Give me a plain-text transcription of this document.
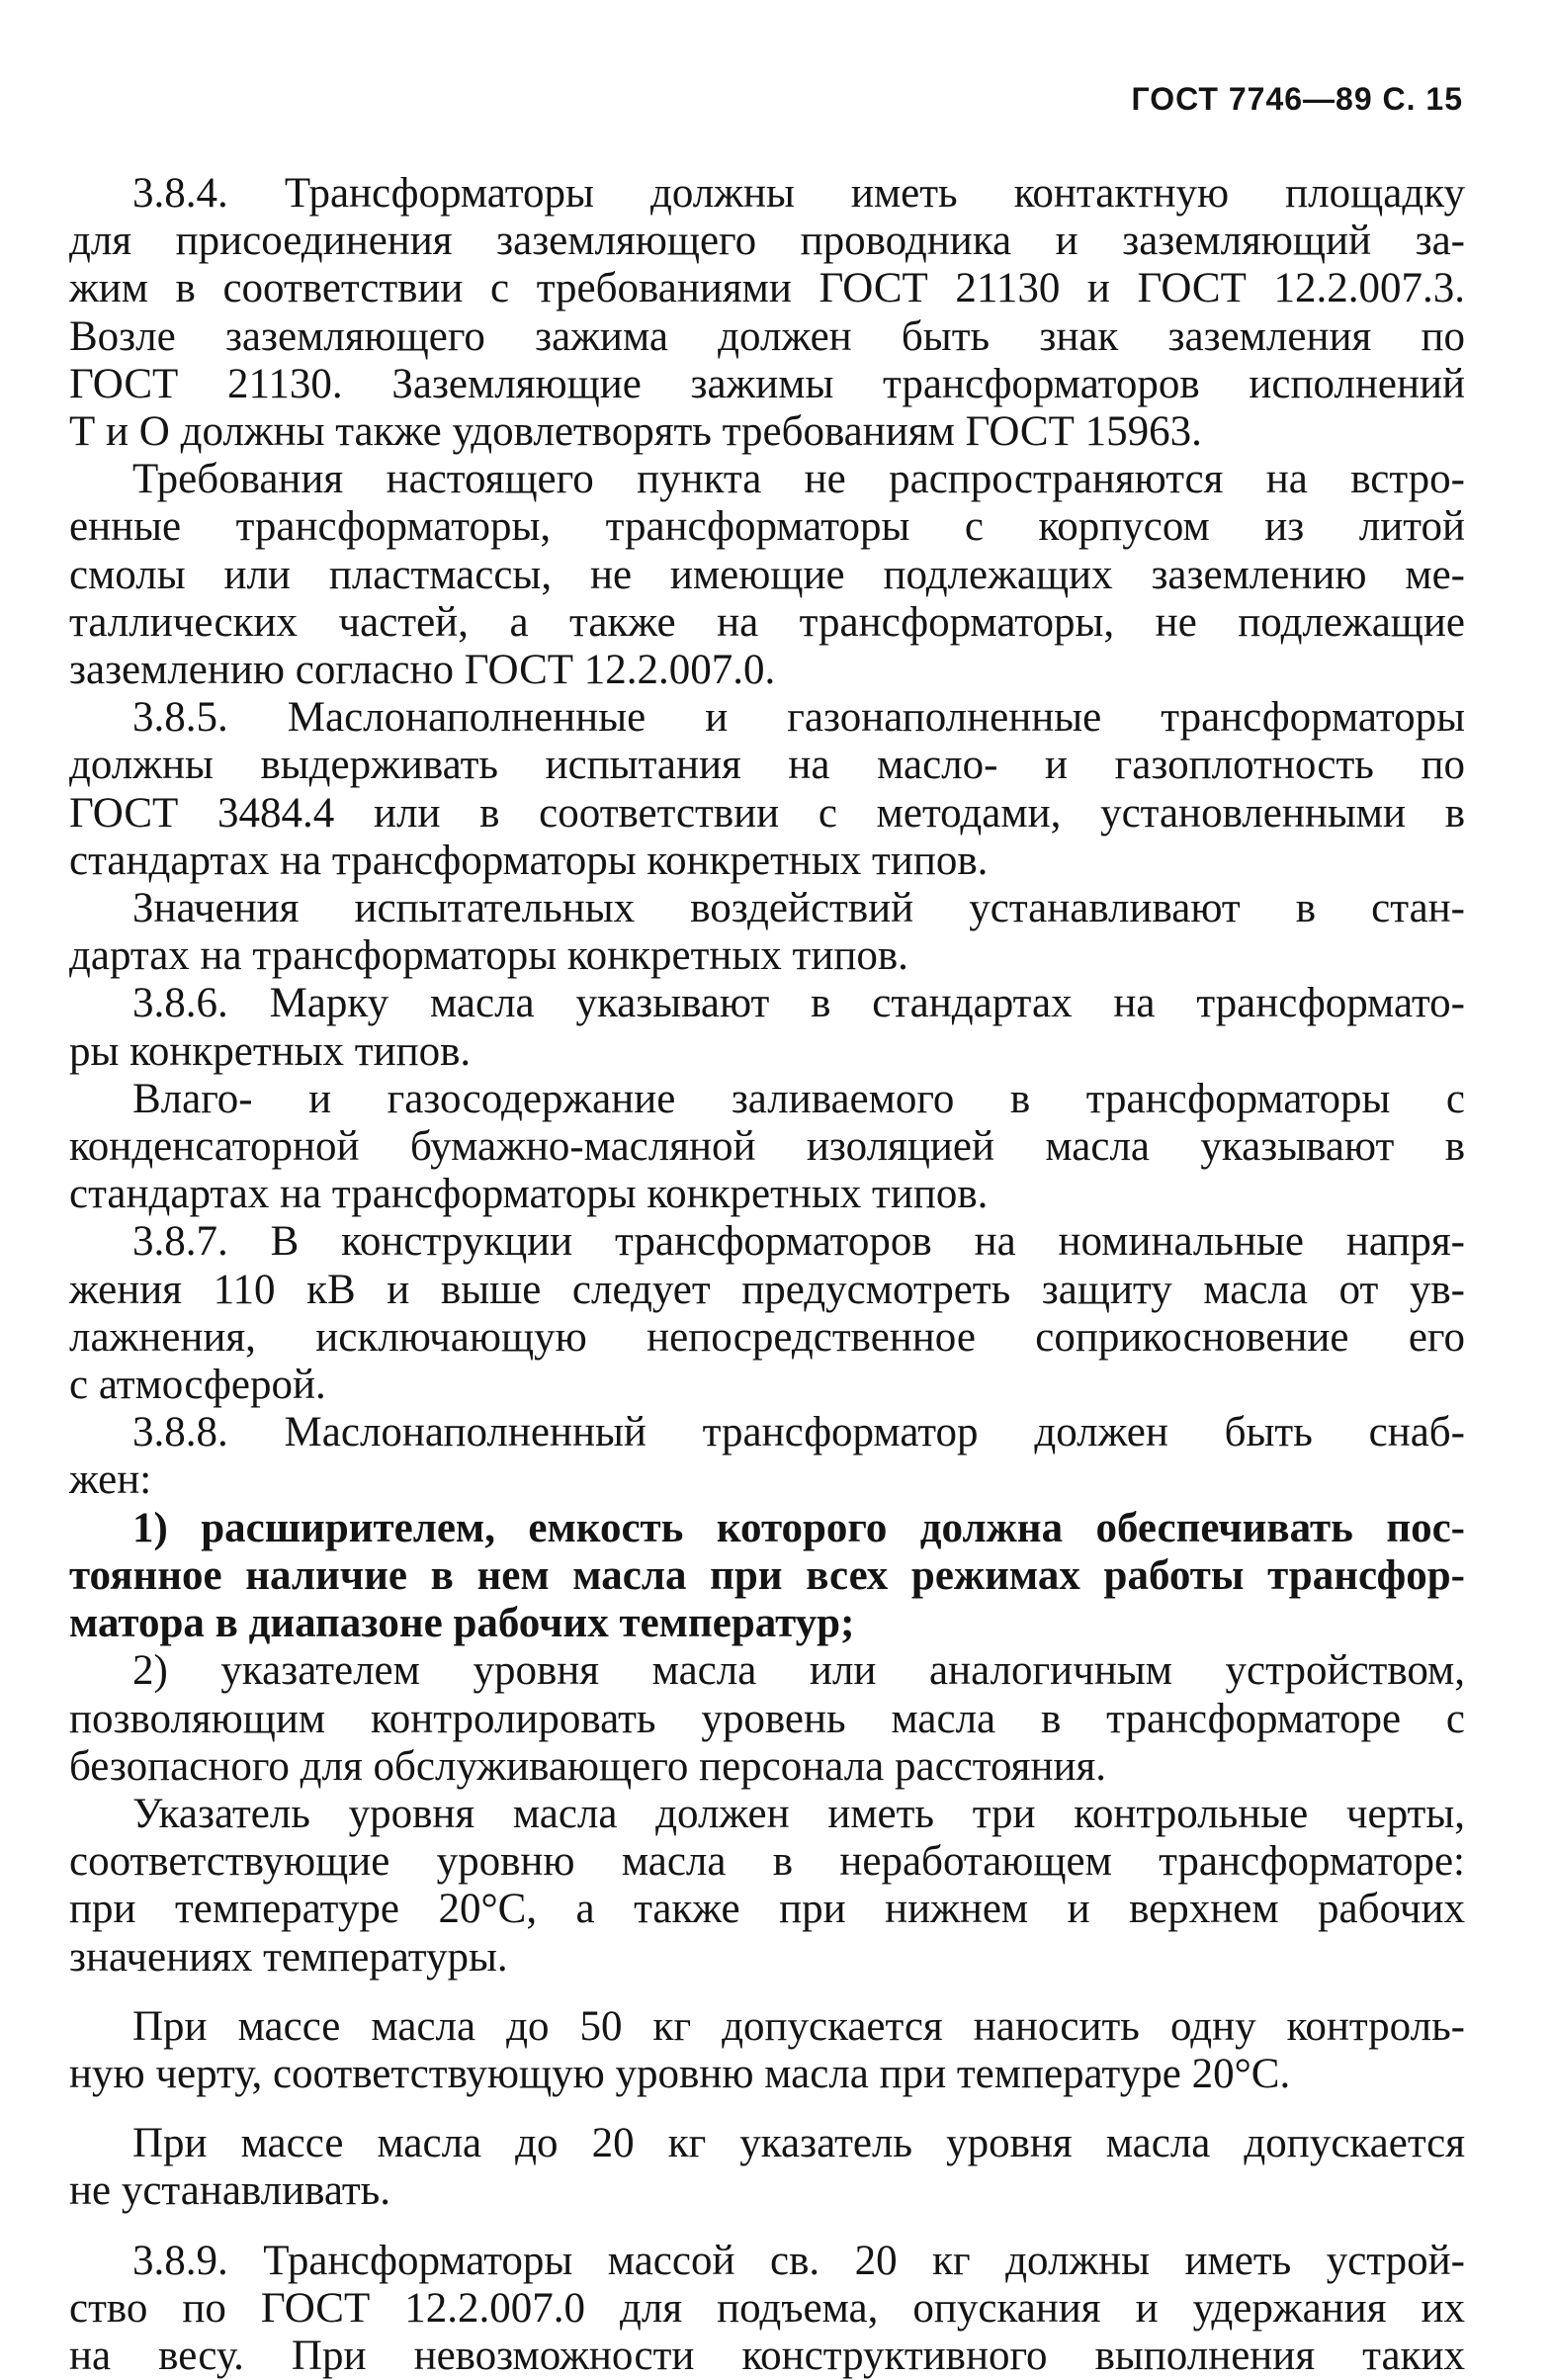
ГОСТ 7746—89 С. 15

3.8.4. Трансформаторы должны иметь контактную площадку
для присоединения заземляющего проводника и заземляющий за-
жим в соответствии с требованиями ГОСТ 21130 и ГОСТ 12.2.007.3.
Возле заземляющего зажима должен быть знак заземления по
ГОСТ 21130. Заземляющие зажимы трансформаторов исполнений
Т и О должны также удовлетворять требованиям ГОСТ 15963.

Требования настоящего пункта не распространяются на встро-
енные трансформаторы, трансформаторы с корпусом из литой
смолы или пластмассы, не имеющие подлежащих заземлению ме-
таллических частей, а также на трансформаторы, не подлежащие
заземлению согласно ГОСТ 12.2.007.0.

3.8.5. Маслонаполненные и газонаполненные трансформаторы
должны выдерживать испытания на масло- и газоплотность по
ГОСТ 3484.4 или в соответствии с методами, установленными в
стандартах на трансформаторы конкретных типов.

Значения испытательных воздействий устанавливают в стан-
дартах на трансформаторы конкретных типов.

3.8.6. Марку масла указывают в стандартах на трансформато-
ры конкретных типов.

Влаго- и газосодержание заливаемого в трансформаторы с
конденсаторной бумажно-масляной изоляцией масла указывают в
стандартах на трансформаторы конкретных типов.

3.8.7. В конструкции трансформаторов на номинальные напря-
жения 110 кВ и выше следует предусмотреть защиту масла от ув-
лажнения, исключающую непосредственное соприкосновение его
с атмосферой.

3.8.8. Маслонаполненный трансформатор должен быть снаб-
жен:

1) расширителем, емкость которого должна обеспечивать пос-
тоянное наличие в нем масла при всех режимах работы трансфор-
матора в диапазоне рабочих температур;

2) указателем уровня масла или аналогичным устройством,
позволяющим контролировать уровень масла в трансформаторе с
безопасного для обслуживающего персонала расстояния.

Указатель уровня масла должен иметь три контрольные черты,
соответствующие уровню масла в неработающем трансформаторе:
при температуре 20°С, а также при нижнем и верхнем рабочих
значениях температуры.

При массе масла до 50 кг допускается наносить одну контроль-
ную черту, соответствующую уровню масла при температуре 20°С.

При массе масла до 20 кг указатель уровня масла допускается
не устанавливать.

3.8.9. Трансформаторы массой св. 20 кг должны иметь устрой-
ство по ГОСТ 12.2.007.0 для подъема, опускания и удержания их
на весу. При невозможности конструктивного выполнения таких
